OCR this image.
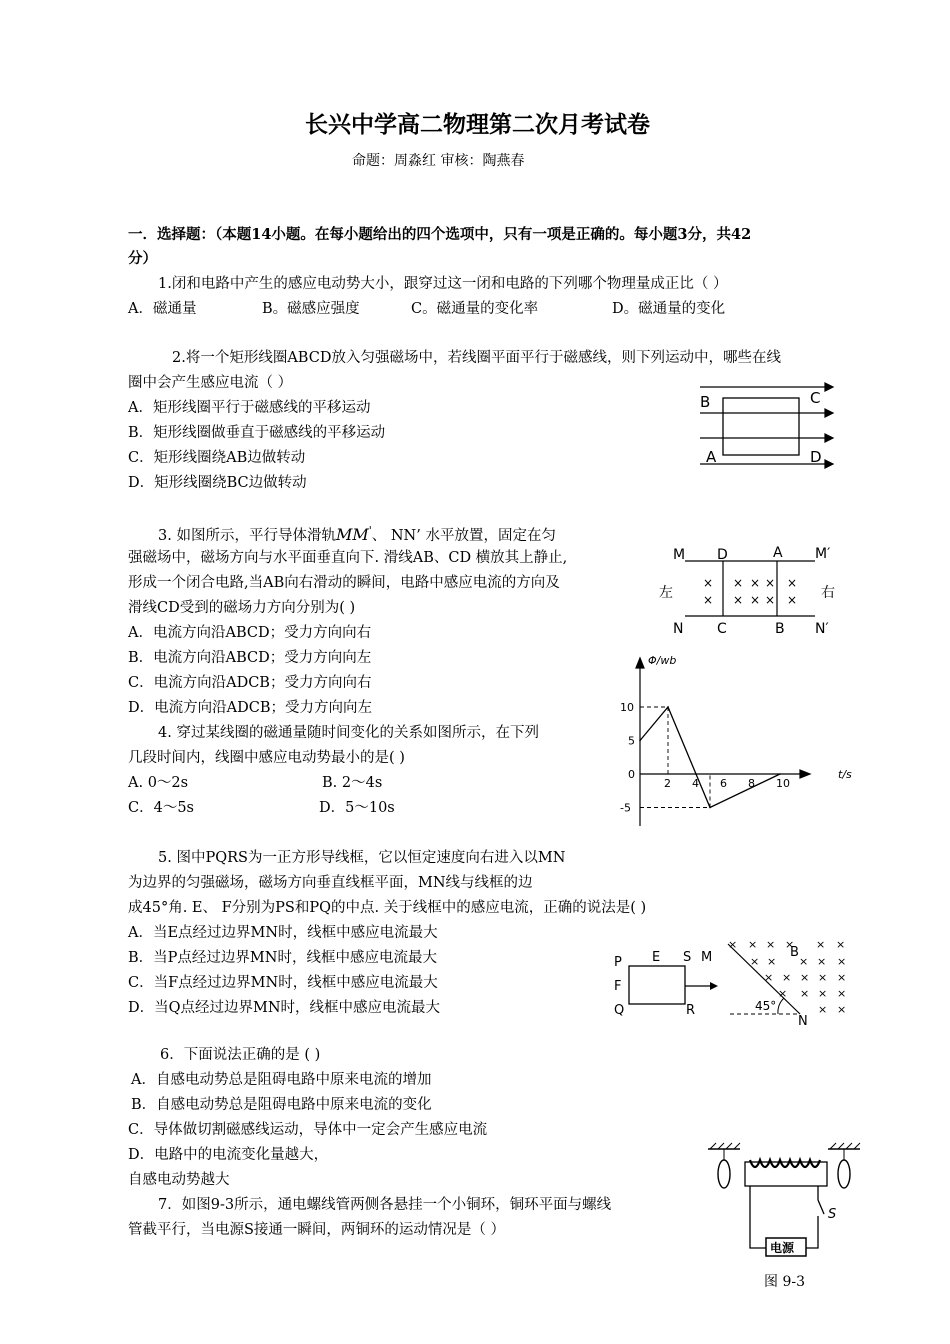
长兴中学高二物理第二次月考试卷
命题：周淼红 审核：陶燕春
一．选择题：（本题14小题。在每小题给出的四个选项中，只有一项是正确的。每小题3分，共42
分）
1.闭和电路中产生的感应电动势大小，跟穿过这一闭和电路的下列哪个物理量成正比（ ）
A．磁通量	B。磁感应强度	C。磁通量的变化率	D。磁通量的变化
2.将一个矩形线圈ABCD放入匀强磁场中，若线圈平面平行于磁感线，则下列运动中，哪些在线
圈中会产生感应电流（ ）
A．矩形线圈平行于磁感线的平移运动
B．矩形线圈做垂直于磁感线的平移运动
C．矩形线圈绕AB边做转动
D．矩形线圈绕BC边做转动
B	C
A	D
3. 如图所示，平行导体滑轨MM'、 NN’ 水平放置，固定在匀
强磁场中，磁场方向与水平面垂直向下. 滑线AB、CD 横放其上静止,
形成一个闭合电路,当AB向右滑动的瞬间，电路中感应电流的方向及
滑线CD受到的磁场力方向分别为( )
A．电流方向沿ABCD；受力方向向右
B．电流方向沿ABCD；受力方向向左
C．电流方向沿ADCB；受力方向向右
D．电流方向沿ADCB；受力方向向左
×
×
×
×
×
×
×
×
×
×
M D	A M′
左	右
N C	B N′
4. 穿过某线圈的磁通量随时间变化的关系如图所示，在下列
几段时间内，线圈中感应电动势最小的是( )
A. 0～2s	B. 2～4s
C．4～5s	D．5～10s
2 4 6 8 10
10
5
0
-5
Φ/wb
t/s
5. 图中PQRS为一正方形导线框，它以恒定速度向右进入以MN
为边界的匀强磁场，磁场方向垂直线框平面，MN线与线框的边
成45°角. E、 F分别为PS和PQ的中点. 关于线框中的感应电流，正确的说法是( )
A．当E点经过边界MN时，线框中感应电流最大
B．当P点经过边界MN时，线框中感应电流最大
C．当F点经过边界MN时，线框中感应电流最大
D．当Q点经过边界MN时，线框中感应电流最大
× × × × × ×
× × × × ×
× × × × ×
× × × ×
× ×
P E S M
F
Q	R
B
45°
N
6．下面说法正确的是 ( )
A．自感电动势总是阻碍电路中原来电流的增加
B．自感电动势总是阻碍电路中原来电流的变化
C．导体做切割磁感线运动，导体中一定会产生感应电流
D．电路中的电流变化量越大，
自感电动势越大
7．如图9-3所示，通电螺线管两侧各悬挂一个小铜环，铜环平面与螺线
管截平行，当电源S接通一瞬间，两铜环的运动情况是（ ）
电源
S
图 9-3
